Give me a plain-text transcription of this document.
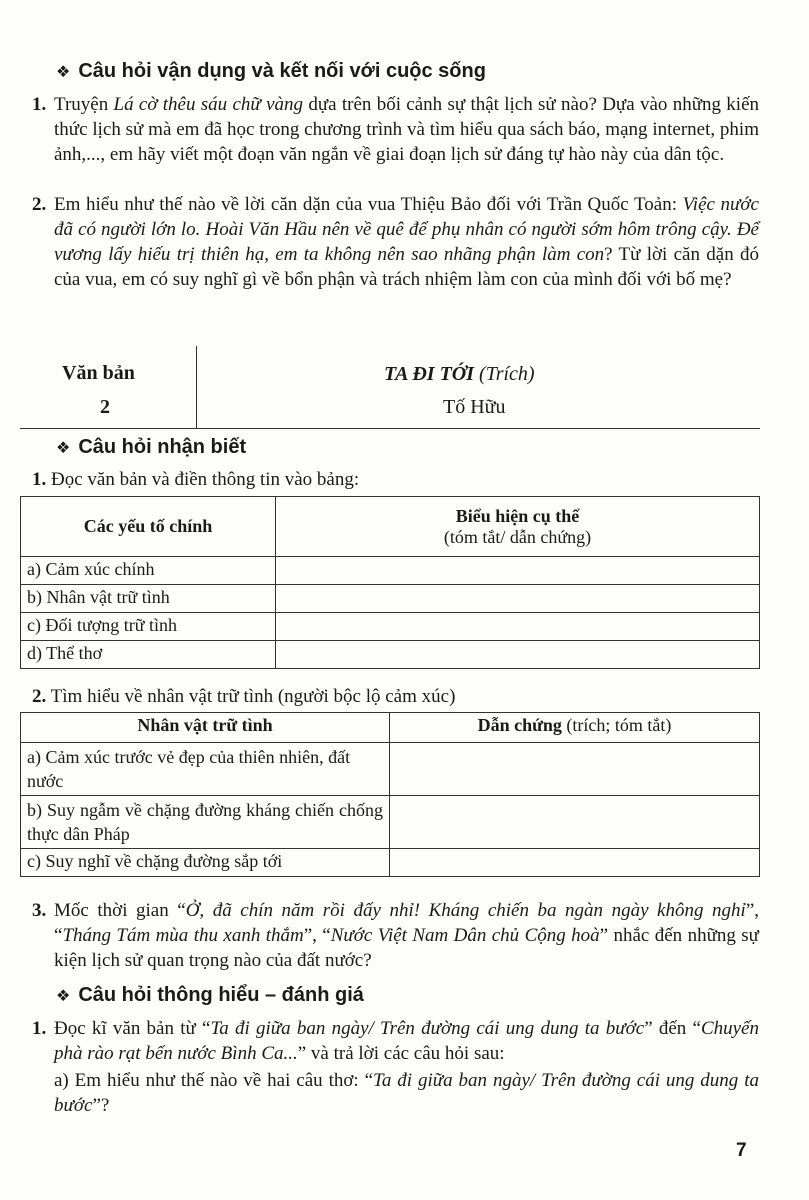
❖ Câu hỏi vận dụng và kết nối với cuộc sống
1. Truyện Lá cờ thêu sáu chữ vàng dựa trên bối cảnh sự thật lịch sử nào? Dựa vào những kiến thức lịch sử mà em đã học trong chương trình và tìm hiểu qua sách báo, mạng internet, phim ảnh,..., em hãy viết một đoạn văn ngắn về giai đoạn lịch sử đáng tự hào này của dân tộc.
2. Em hiểu như thế nào về lời căn dặn của vua Thiệu Bảo đối với Trần Quốc Toản: Việc nước đã có người lớn lo. Hoài Văn Hầu nên về quê để phụ nhân có người sớm hôm trông cậy. Để vương lấy hiếu trị thiên hạ, em ta không nên sao nhãng phận làm con? Từ lời căn dặn đó của vua, em có suy nghĩ gì về bổn phận và trách nhiệm làm con của mình đối với bố mẹ?
Văn bản
2
TA ĐI TỚI (Trích)
Tố Hữu
❖ Câu hỏi nhận biết
1. Đọc văn bản và điền thông tin vào bảng:
Các yếu tố chính	Biểu hiện cụ thể
(tóm tắt/ dẫn chứng)

a) Cảm xúc chính	
b) Nhân vật trữ tình	
c) Đối tượng trữ tình	
d) Thể thơ	
2. Tìm hiểu về nhân vật trữ tình (người bộc lộ cảm xúc)
Nhân vật trữ tình	Dẫn chứng (trích; tóm tắt)
a) Cảm xúc trước vẻ đẹp của thiên nhiên, đất nước	
b) Suy ngẫm về chặng đường kháng chiến chống thực dân Pháp	
c) Suy nghĩ về chặng đường sắp tới	
3. Mốc thời gian “Ở, đã chín năm rồi đấy nhỉ! Kháng chiến ba ngàn ngày không nghỉ”, “Tháng Tám mùa thu xanh thắm”, “Nước Việt Nam Dân chủ Cộng hoà” nhắc đến những sự kiện lịch sử quan trọng nào của đất nước?
❖ Câu hỏi thông hiểu – đánh giá
1. Đọc kĩ văn bản từ “Ta đi giữa ban ngày/ Trên đường cái ung dung ta bước” đến “Chuyến phà rào rạt bến nước Bình Ca...” và trả lời các câu hỏi sau:
a) Em hiểu như thế nào về hai câu thơ: “Ta đi giữa ban ngày/ Trên đường cái ung dung ta bước”?
7
